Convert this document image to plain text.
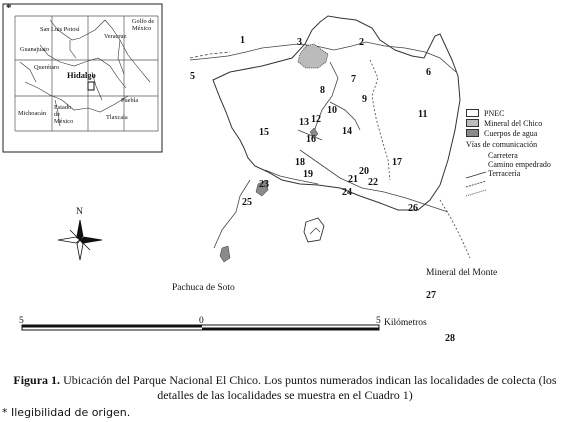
*
San Luis Potosí
Golfo de México
Guanajuato
Veracruz
Querétaro
Hidalgo
Puebla
Estado de México
Michoacán
Tlaxcala
1	2
3
5	6
7
8
9
10	11
12
13
14
15
16
17
18
19	20
21 22
23
24
25
26
27
28
Pachuca de Soto
Mineral del Monte
N
5	0	5 Kilómetros
PNEC
Mineral del Chico
Cuerpos de agua
Vías de comunicación
Carretera
Camino empedrado
Terracería
Figura 1. Ubicación del Parque Nacional El Chico. Los puntos numerados indican las localidades de colecta (los detalles de las localidades se muestra en el Cuadro 1)
* Ilegibilidad de origen.
